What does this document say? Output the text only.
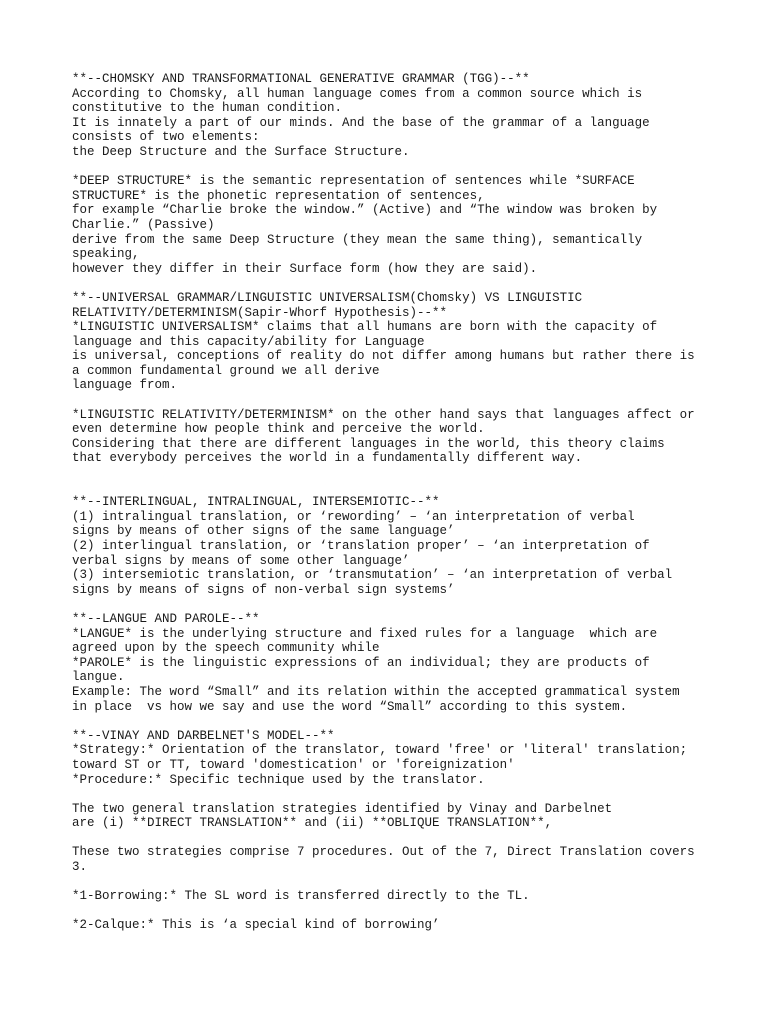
**--CHOMSKY AND TRANSFORMATIONAL GENERATIVE GRAMMAR (TGG)--**
According to Chomsky, all human language comes from a common source which is
constitutive to the human condition.
It is innately a part of our minds. And the base of the grammar of a language
consists of two elements:
the Deep Structure and the Surface Structure.
*DEEP STRUCTURE* is the semantic representation of sentences while *SURFACE
STRUCTURE* is the phonetic representation of sentences,
for example “Charlie broke the window.” (Active) and “The window was broken by
Charlie.” (Passive)
derive from the same Deep Structure (they mean the same thing), semantically
speaking,
however they differ in their Surface form (how they are said).
**--UNIVERSAL GRAMMAR/LINGUISTIC UNIVERSALISM(Chomsky) VS LINGUISTIC
RELATIVITY/DETERMINISM(Sapir-Whorf Hypothesis)--**
*LINGUISTIC UNIVERSALISM* claims that all humans are born with the capacity of
language and this capacity/ability for Language
is universal, conceptions of reality do not differ among humans but rather there is
a common fundamental ground we all derive
language from.
*LINGUISTIC RELATIVITY/DETERMINISM* on the other hand says that languages affect or
even determine how people think and perceive the world.
Considering that there are different languages in the world, this theory claims
that everybody perceives the world in a fundamentally different way.
**--INTERLINGUAL, INTRALINGUAL, INTERSEMIOTIC--**
(1) intralingual translation, or ‘rewording’ – ‘an interpretation of verbal
signs by means of other signs of the same language’
(2) interlingual translation, or ‘translation proper’ – ‘an interpretation of
verbal signs by means of some other language’
(3) intersemiotic translation, or ‘transmutation’ – ‘an interpretation of verbal
signs by means of signs of non-verbal sign systems’
**--LANGUE AND PAROLE--**
*LANGUE* is the underlying structure and fixed rules for a language  which are
agreed upon by the speech community while
*PAROLE* is the linguistic expressions of an individual; they are products of
langue.
Example: The word “Small” and its relation within the accepted grammatical system
in place  vs how we say and use the word “Small” according to this system.
**--VINAY AND DARBELNET'S MODEL--**
*Strategy:* Orientation of the translator, toward 'free' or 'literal' translation;
toward ST or TT, toward 'domestication' or 'foreignization'
*Procedure:* Specific technique used by the translator.
The two general translation strategies identified by Vinay and Darbelnet
are (i) **DIRECT TRANSLATION** and (ii) **OBLIQUE TRANSLATION**,
These two strategies comprise 7 procedures. Out of the 7, Direct Translation covers
3.
*1-Borrowing:* The SL word is transferred directly to the TL.
*2-Calque:* This is ‘a special kind of borrowing’
